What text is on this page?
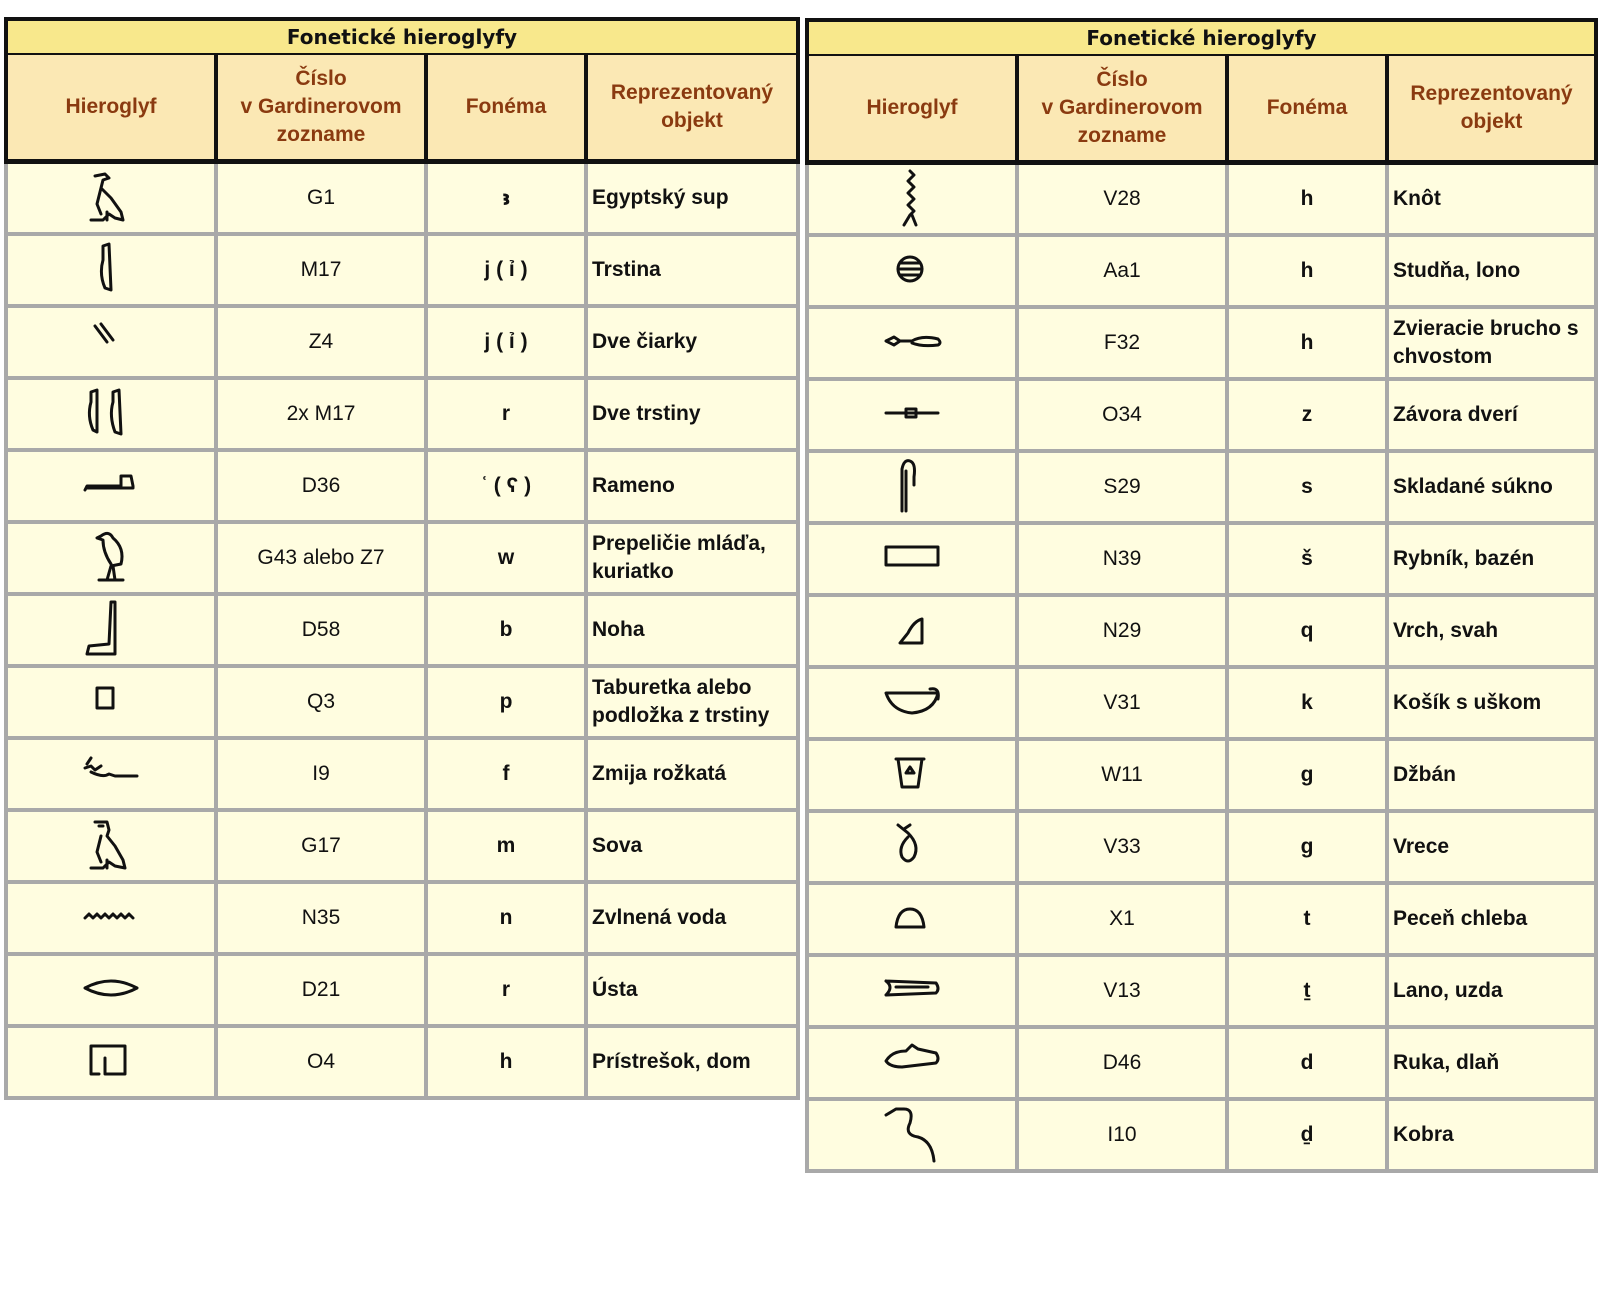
Fonetické hieroglyfy			
Hieroglyf	Číslo
v Gardinerovom
zozname	Fonéma	Reprezentovaný objekt

	G1	ꜣ	Egyptský sup

	M17	j ( ỉ )	Trstina

	Z4	j ( ỉ )	Dve čiarky

	2x M17	r	Dve trstiny

	D36	ʿ ( ʕ )	Rameno

	G43 alebo Z7	w	Prepeličie mláďa, kuriatko

	D58	b	Noha

	Q3	p	Taburetka alebo podložka z trstiny

	I9	f	Zmija rožkatá

	G17	m	Sova

	N35	n	Zvlnená voda

	D21	r	Ústa

	O4	h	Prístrešok, dom
Fonetické hieroglyfy			
Hieroglyf	Číslo
v Gardinerovom
zozname	Fonéma	Reprezentovaný objekt

	V28	h	Knôt

	Aa1	h	Studňa, lono

	F32	h	Zvieracie brucho s chvostom

	O34	z	Závora dverí

	S29	s	Skladané súkno

	N39	š	Rybník, bazén

	N29	q	Vrch, svah

	V31	k	Košík s uškom

	W11	g	Džbán

	V33	g	Vrece

	X1	t	Peceň chleba

	V13	ṯ	Lano, uzda

	D46	d	Ruka, dlaň

	I10	ḏ	Kobra
